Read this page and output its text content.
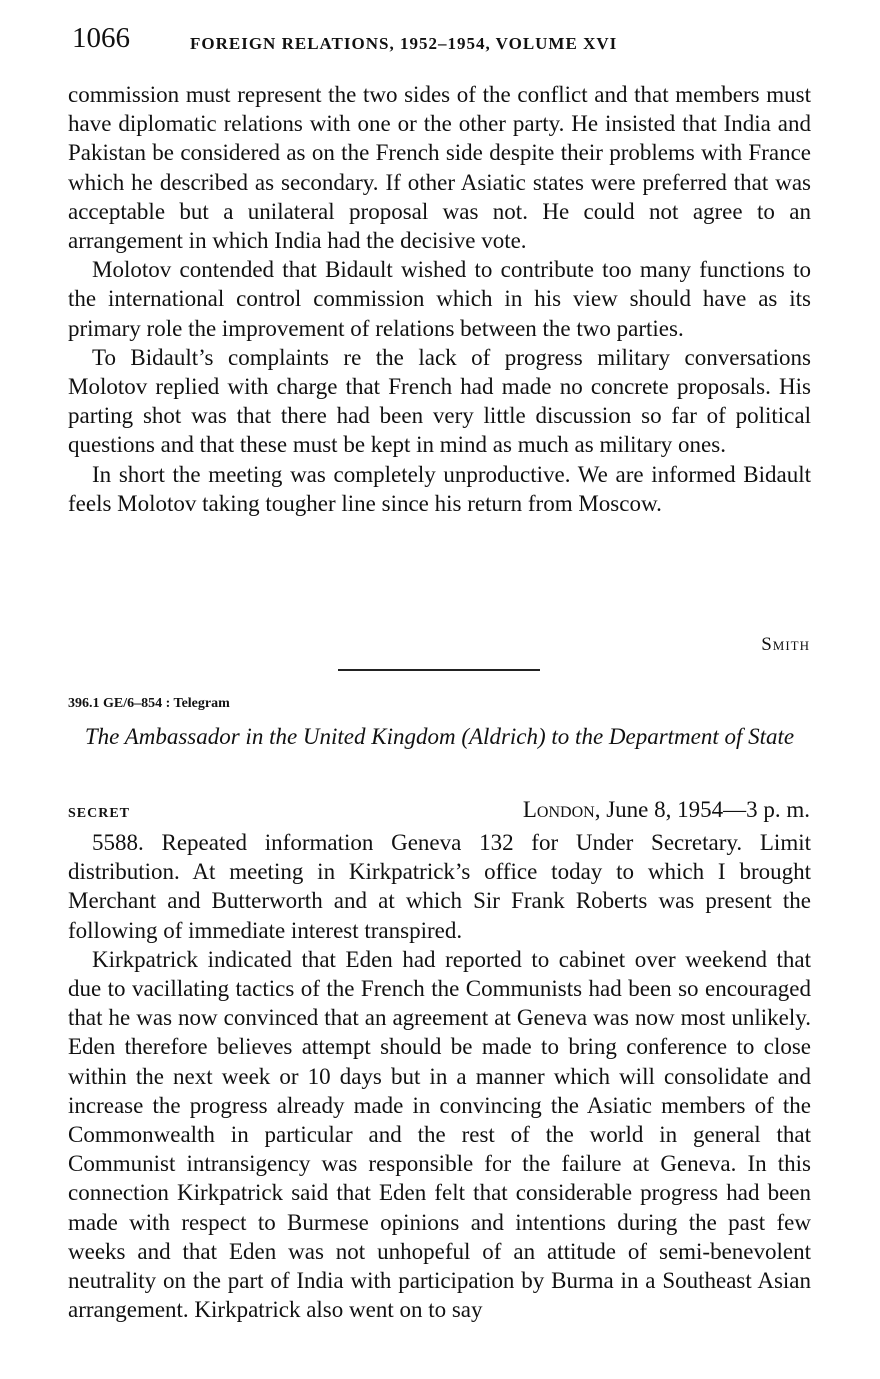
1066	FOREIGN RELATIONS, 1952–1954, VOLUME XVI

commission must represent the two sides of the conflict and that members must have diplomatic relations with one or the other party. He insisted that India and Pakistan be considered as on the French side despite their problems with France which he described as secondary. If other Asiatic states were preferred that was acceptable but a unilateral proposal was not. He could not agree to an arrangement in which India had the decisive vote.

Molotov contended that Bidault wished to contribute too many functions to the international control commission which in his view should have as its primary role the improvement of relations between the two parties.

To Bidault’s complaints re the lack of progress military conversations Molotov replied with charge that French had made no concrete proposals. His parting shot was that there had been very little discussion so far of political questions and that these must be kept in mind as much as military ones.

In short the meeting was completely unproductive. We are informed Bidault feels Molotov taking tougher line since his return from Moscow.

Smith
396.1 GE/6–854 : Telegram
The Ambassador in the United Kingdom (Aldrich) to the Department of State
SECRET	London, June 8, 1954—3 p. m.

5588. Repeated information Geneva 132 for Under Secretary. Limit distribution. At meeting in Kirkpatrick’s office today to which I brought Merchant and Butterworth and at which Sir Frank Roberts was present the following of immediate interest transpired.

Kirkpatrick indicated that Eden had reported to cabinet over weekend that due to vacillating tactics of the French the Communists had been so encouraged that he was now convinced that an agreement at Geneva was now most unlikely. Eden therefore believes attempt should be made to bring conference to close within the next week or 10 days but in a manner which will consolidate and increase the progress already made in convincing the Asiatic members of the Commonwealth in particular and the rest of the world in general that Communist intransigency was responsible for the failure at Geneva. In this connection Kirkpatrick said that Eden felt that considerable progress had been made with respect to Burmese opinions and intentions during the past few weeks and that Eden was not unhopeful of an attitude of semi-benevolent neutrality on the part of India with participation by Burma in a Southeast Asian arrangement. Kirkpatrick also went on to say
